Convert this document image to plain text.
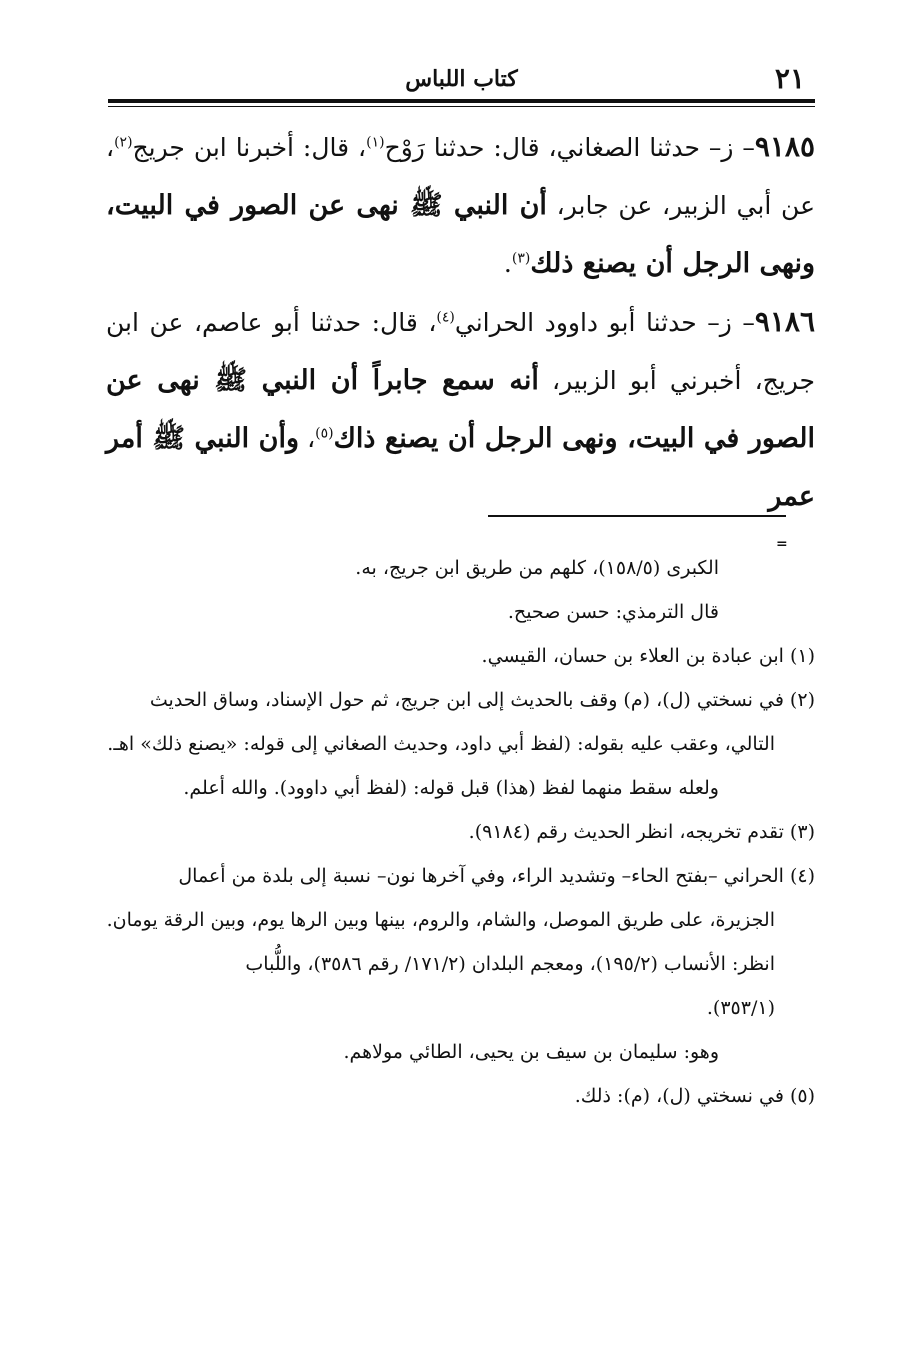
٢١
كتاب اللباس

٩١٨٥– ز– حدثنا الصغاني، قال: حدثنا رَوْح$^{(١)}$، قال: أخبرنا ابن جريج$^{(٢)}$، عن أبي الزبير، عن جابر، أن النبي ﷺ نهى عن الصور في البيت، ونهى الرجل أن يصنع ذلك$^{(٣)}$.

٩١٨٦– ز– حدثنا أبو داوود الحراني$^{(٤)}$، قال: حدثنا أبو عاصم، عن ابن جريج، أخبرني أبو الزبير، أنه سمع جابراً أن النبي ﷺ نهى عن الصور في البيت، ونهى الرجل أن يصنع ذاك$^{(٥)}$، وأن النبي ﷺ أمر عمر

=

الكبرى (١٥٨/٥)، كلهم من طريق ابن جريج، به.

قال الترمذي: حسن صحيح.

(١) ابن عبادة بن العلاء بن حسان، القيسي.

(٢) في نسختي (ل)، (م) وقف بالحديث إلى ابن جريج، ثم حول الإسناد، وساق الحديث

التالي، وعقب عليه بقوله: (لفظ أبي داود، وحديث الصغاني إلى قوله: «يصنع ذلك» اهـ.

ولعله سقط منهما لفظ (هذا) قبل قوله: (لفظ أبي داوود). والله أعلم.

(٣) تقدم تخريجه، انظر الحديث رقم (٩١٨٤).

(٤) الحراني –بفتح الحاء– وتشديد الراء، وفي آخرها نون– نسبة إلى بلدة من أعمال

الجزيرة، على طريق الموصل، والشام، والروم، بينها وبين الرها يوم، وبين الرقة يومان.

انظر: الأنساب (١٩٥/٢)، ومعجم البلدان (١٧١/٢/ رقم ٣٥٨٦)، واللُّباب

(٣٥٣/١).

وهو: سليمان بن سيف بن يحيى، الطائي مولاهم.

(٥) في نسختي (ل)، (م): ذلك.
